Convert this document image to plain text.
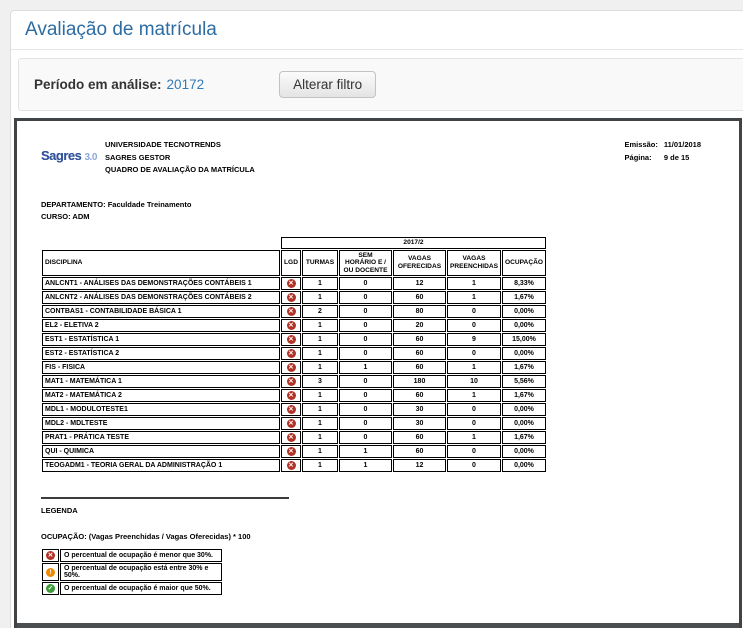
Avaliação de matrícula
Período em análise: 20172	Alterar filtro
Sagres 3.0
UNIVERSIDADE TECNOTRENDS
SAGRES GESTOR
QUADRO DE AVALIAÇÃO DA MATRÍCULA
Emissão: 11/01/2018
Página:	9 de 15
DEPARTAMENTO: Faculdade Treinamento
CURSO: ADM
	2017/2					
DISCIPLINA	LGD	TURMAS	SEM HORÁRIO E / OU DOCENTE	VAGAS OFERECIDAS	VAGAS PREENCHIDAS	OCUPAÇÃO
ANLCNT1 - ANÁLISES DAS DEMONSTRAÇÕES CONTÁBEIS 1	✕	1	0	12	1	8,33%
ANLCNT2 - ANÁLISES DAS DEMONSTRAÇÕES CONTÁBEIS 2	✕	1	0	60	1	1,67%
CONTBAS1 - CONTABILIDADE BÁSICA 1	✕	2	0	80	0	0,00%
EL2 - ELETIVA 2	✕	1	0	20	0	0,00%
EST1 - ESTATÍSTICA 1	✕	1	0	60	9	15,00%
EST2 - ESTATÍSTICA 2	✕	1	0	60	0	0,00%
FIS - FISICA	✕	1	1	60	1	1,67%
MAT1 - MATEMÁTICA 1	✕	3	0	180	10	5,56%
MAT2 - MATEMÁTICA 2	✕	1	0	60	1	1,67%
MDL1 - MODULOTESTE1	✕	1	0	30	0	0,00%
MDL2 - MDLTESTE	✕	1	0	30	0	0,00%
PRAT1 - PRÁTICA TESTE	✕	1	0	60	1	1,67%
QUI - QUIMICA	✕	1	1	60	0	0,00%
TEOGADM1 - TEORIA GERAL DA ADMINISTRAÇÃO 1	✕	1	1	12	0	0,00%
LEGENDA
OCUPAÇÃO: (Vagas Preenchidas / Vagas Oferecidas) * 100
✕	O percentual de ocupação é menor que 30%.
!	O percentual de ocupação está entre 30% e 50%.
✓	O percentual de ocupação é maior que 50%.
